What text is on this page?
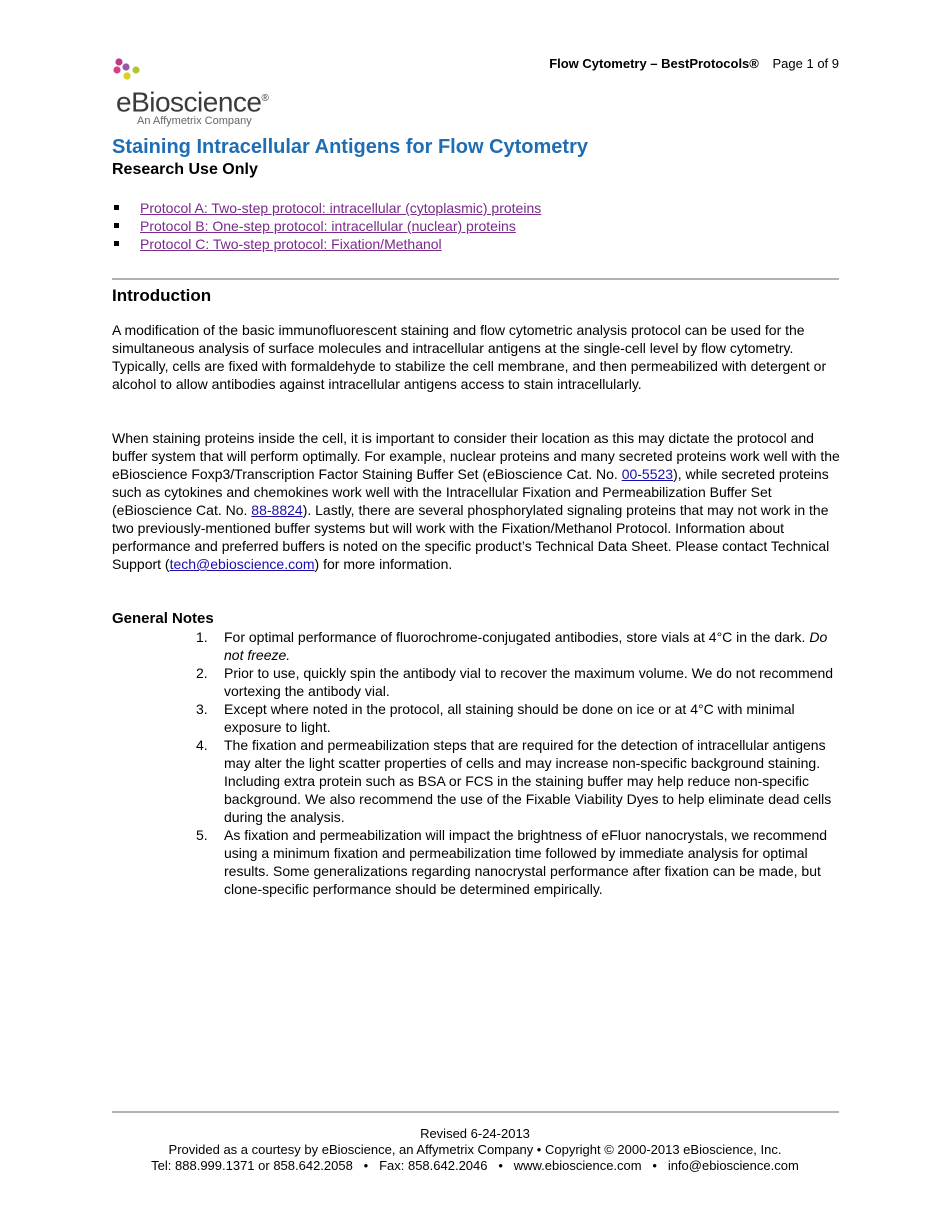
Flow Cytometry – BestProtocols® Page 1 of 9
eBioscience®
An Affymetrix Company
Staining Intracellular Antigens for Flow Cytometry
Research Use Only
Protocol A: Two-step protocol: intracellular (cytoplasmic) proteins
Protocol B: One-step protocol: intracellular (nuclear) proteins
Protocol C: Two-step protocol: Fixation/Methanol
Introduction

A modification of the basic immunofluorescent staining and flow cytometric analysis protocol can be used for the simultaneous analysis of surface molecules and intracellular antigens at the single-cell level by flow cytometry. Typically, cells are fixed with formaldehyde to stabilize the cell membrane, and then permeabilized with detergent or alcohol to allow antibodies against intracellular antigens access to stain intracellularly.

When staining proteins inside the cell, it is important to consider their location as this may dictate the protocol and buffer system that will perform optimally. For example, nuclear proteins and many secreted proteins work well with the eBioscience Foxp3/Transcription Factor Staining Buffer Set (eBioscience Cat. No. 00-5523), while secreted proteins such as cytokines and chemokines work well with the Intracellular Fixation and Permeabilization Buffer Set (eBioscience Cat. No. 88-8824). Lastly, there are several phosphorylated signaling proteins that may not work in the two previously-mentioned buffer systems but will work with the Fixation/Methanol Protocol. Information about performance and preferred buffers is noted on the specific product’s Technical Data Sheet. Please contact Technical Support (tech@ebioscience.com) for more information.

General Notes
1. For optimal performance of fluorochrome-conjugated antibodies, store vials at 4°C in the dark. Do not freeze.
2. Prior to use, quickly spin the antibody vial to recover the maximum volume. We do not recommend vortexing the antibody vial.
3. Except where noted in the protocol, all staining should be done on ice or at 4°C with minimal exposure to light.
4. The fixation and permeabilization steps that are required for the detection of intracellular antigens may alter the light scatter properties of cells and may increase non-specific background staining. Including extra protein such as BSA or FCS in the staining buffer may help reduce non-specific background. We also recommend the use of the Fixable Viability Dyes to help eliminate dead cells during the analysis.
5. As fixation and permeabilization will impact the brightness of eFluor nanocrystals, we recommend using a minimum fixation and permeabilization time followed by immediate analysis for optimal results. Some generalizations regarding nanocrystal performance after fixation can be made, but clone-specific performance should be determined empirically.
Revised 6-24-2013
Provided as a courtesy by eBioscience, an Affymetrix Company • Copyright © 2000-2013 eBioscience, Inc.
Tel: 888.999.1371 or 858.642.2058   •   Fax: 858.642.2046   •   www.ebioscience.com   •   info@ebioscience.com
